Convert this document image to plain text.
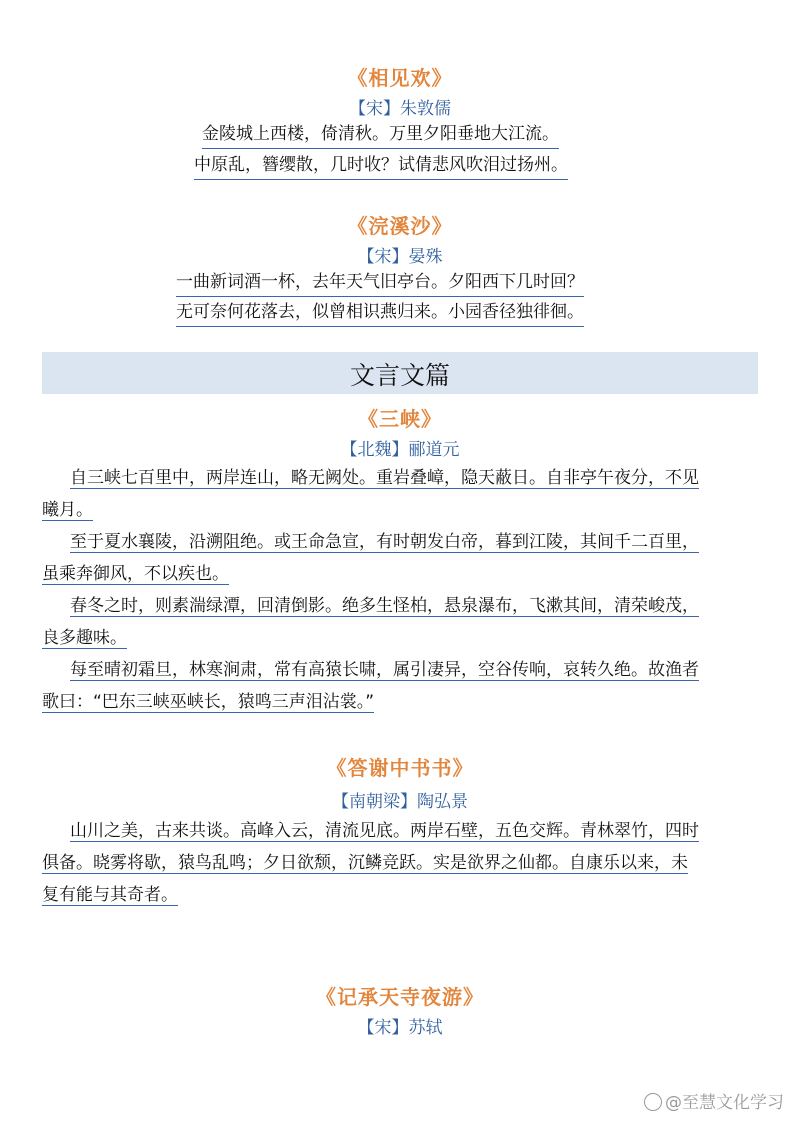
《相见欢》
【宋】朱敦儒
金陵城上西楼，倚清秋。万里夕阳垂地大江流。
中原乱，簪缨散，几时收？试倩悲风吹泪过扬州。
《浣溪沙》
【宋】晏殊
一曲新词酒一杯，去年天气旧亭台。夕阳西下几时回？
无可奈何花落去，似曾相识燕归来。小园香径独徘徊。
文言文篇
《三峡》
【北魏】郦道元
自三峡七百里中，两岸连山，略无阙处。重岩叠嶂，隐天蔽日。自非亭午夜分，不见
曦月。
至于夏水襄陵，沿溯阻绝。或王命急宣，有时朝发白帝，暮到江陵，其间千二百里，
虽乘奔御风，不以疾也。
春冬之时，则素湍绿潭，回清倒影。绝多生怪柏，悬泉瀑布，飞漱其间，清荣峻茂，
良多趣味。
每至晴初霜旦，林寒涧肃，常有高猿长啸，属引凄异，空谷传响，哀转久绝。故渔者
歌曰：“巴东三峡巫峡长，猿鸣三声泪沾裳。”
《答谢中书书》
【南朝梁】陶弘景
山川之美，古来共谈。高峰入云，清流见底。两岸石壁，五色交辉。青林翠竹，四时
俱备。晓雾将歇，猿鸟乱鸣；夕日欲颓，沉鳞竞跃。实是欲界之仙都。自康乐以来，未
复有能与其奇者。
《记承天寺夜游》
【宋】苏轼
@至慧文化学习
